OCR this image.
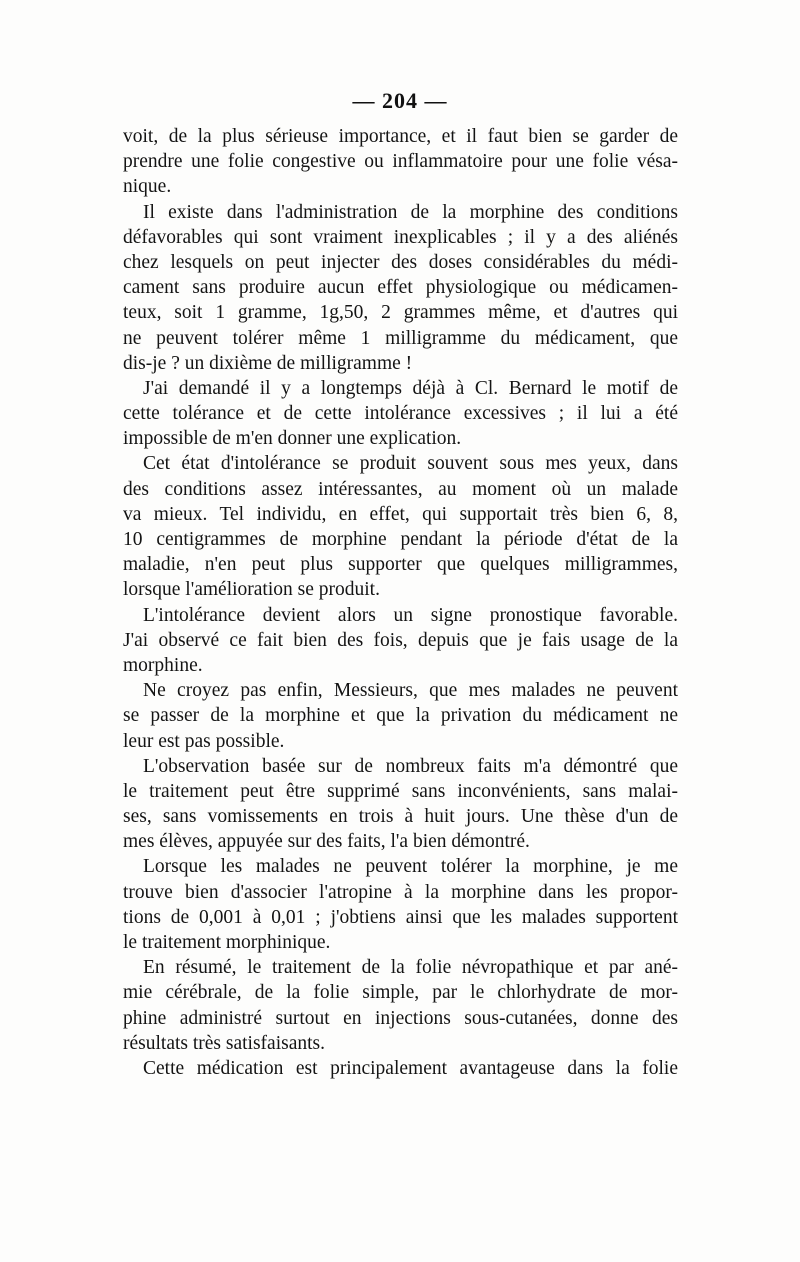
— 204 —
voit, de la plus sérieuse importance, et il faut bien se garder de
prendre une folie congestive ou inflammatoire pour une folie vésa-
nique.
Il existe dans l'administration de la morphine des conditions
défavorables qui sont vraiment inexplicables ; il y a des aliénés
chez lesquels on peut injecter des doses considérables du médi-
cament sans produire aucun effet physiologique ou médicamen-
teux, soit 1 gramme, 1g,50, 2 grammes même, et d'autres qui
ne peuvent tolérer même 1 milligramme du médicament, que
dis-je ? un dixième de milligramme !
J'ai demandé il y a longtemps déjà à Cl. Bernard le motif de
cette tolérance et de cette intolérance excessives ; il lui a été
impossible de m'en donner une explication.
Cet état d'intolérance se produit souvent sous mes yeux, dans
des conditions assez intéressantes, au moment où un malade
va mieux. Tel individu, en effet, qui supportait très bien 6, 8,
10 centigrammes de morphine pendant la période d'état de la
maladie, n'en peut plus supporter que quelques milligrammes,
lorsque l'amélioration se produit.
L'intolérance devient alors un signe pronostique favorable.
J'ai observé ce fait bien des fois, depuis que je fais usage de la
morphine.
Ne croyez pas enfin, Messieurs, que mes malades ne peuvent
se passer de la morphine et que la privation du médicament ne
leur est pas possible.
L'observation basée sur de nombreux faits m'a démontré que
le traitement peut être supprimé sans inconvénients, sans malai-
ses, sans vomissements en trois à huit jours. Une thèse d'un de
mes élèves, appuyée sur des faits, l'a bien démontré.
Lorsque les malades ne peuvent tolérer la morphine, je me
trouve bien d'associer l'atropine à la morphine dans les propor-
tions de 0,001 à 0,01 ; j'obtiens ainsi que les malades supportent
le traitement morphinique.
En résumé, le traitement de la folie névropathique et par ané-
mie cérébrale, de la folie simple, par le chlorhydrate de mor-
phine administré surtout en injections sous-cutanées, donne des
résultats très satisfaisants.
Cette médication est principalement avantageuse dans la folie
